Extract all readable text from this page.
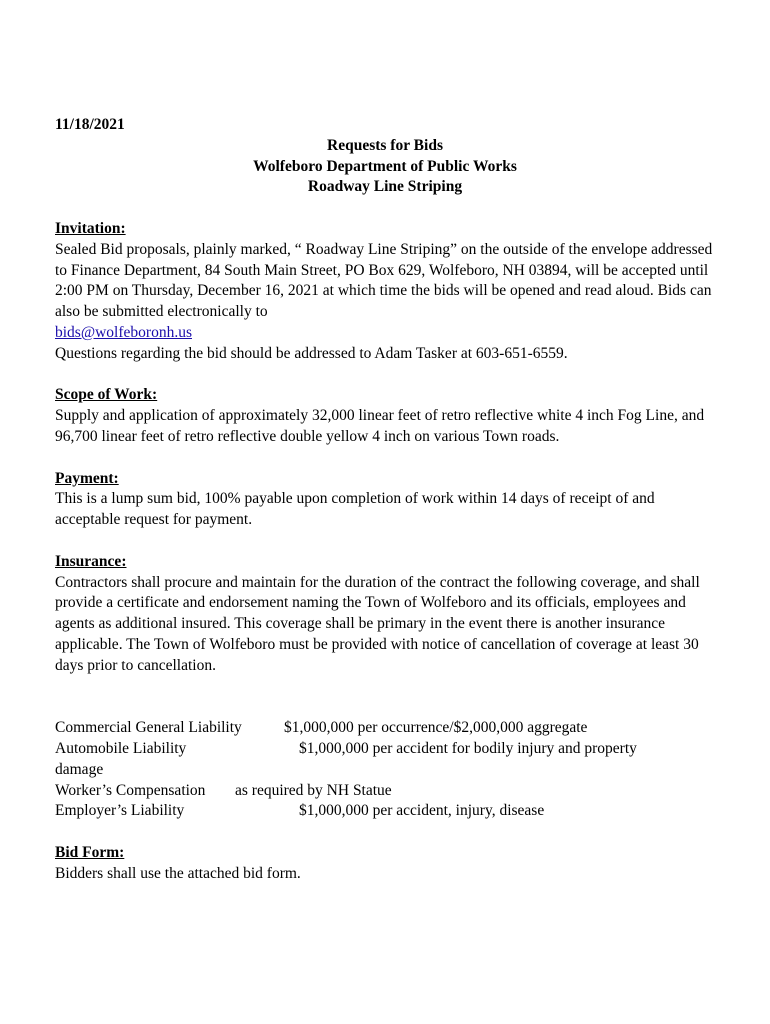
11/18/2021
Requests for Bids
Wolfeboro Department of Public Works
Roadway Line Striping
Invitation:
Sealed Bid proposals, plainly marked, “ Roadway Line Striping” on the outside of the envelope addressed to Finance Department, 84 South Main Street, PO Box 629, Wolfeboro, NH 03894, will be accepted until 2:00 PM on Thursday, December 16, 2021 at which time the bids will be opened and read aloud. Bids can also be submitted electronically to
bids@wolfeboronh.us
Questions regarding the bid should be addressed to Adam Tasker at 603-651-6559.
Scope of Work:
Supply and application of approximately 32,000 linear feet of retro reflective white 4 inch Fog Line, and 96,700 linear feet of retro reflective double yellow 4 inch on various Town roads.
Payment:
This is a lump sum bid, 100% payable upon completion of work within 14 days of receipt of and acceptable request for payment.
Insurance:
Contractors shall procure and maintain for the duration of the contract the following coverage, and shall provide a certificate and endorsement naming the Town of Wolfeboro and its officials, employees and agents as additional insured. This coverage shall be primary in the event there is another insurance applicable. The Town of Wolfeboro must be provided with notice of cancellation of coverage at least 30 days prior to cancellation.
Commercial General Liability	$1,000,000 per occurrence/$2,000,000 aggregate
Automobile Liability	$1,000,000 per accident for bodily injury and property
damage
Worker’s Compensation as required by NH Statue
Employer’s Liability	$1,000,000 per accident, injury, disease
Bid Form:
Bidders shall use the attached bid form.
